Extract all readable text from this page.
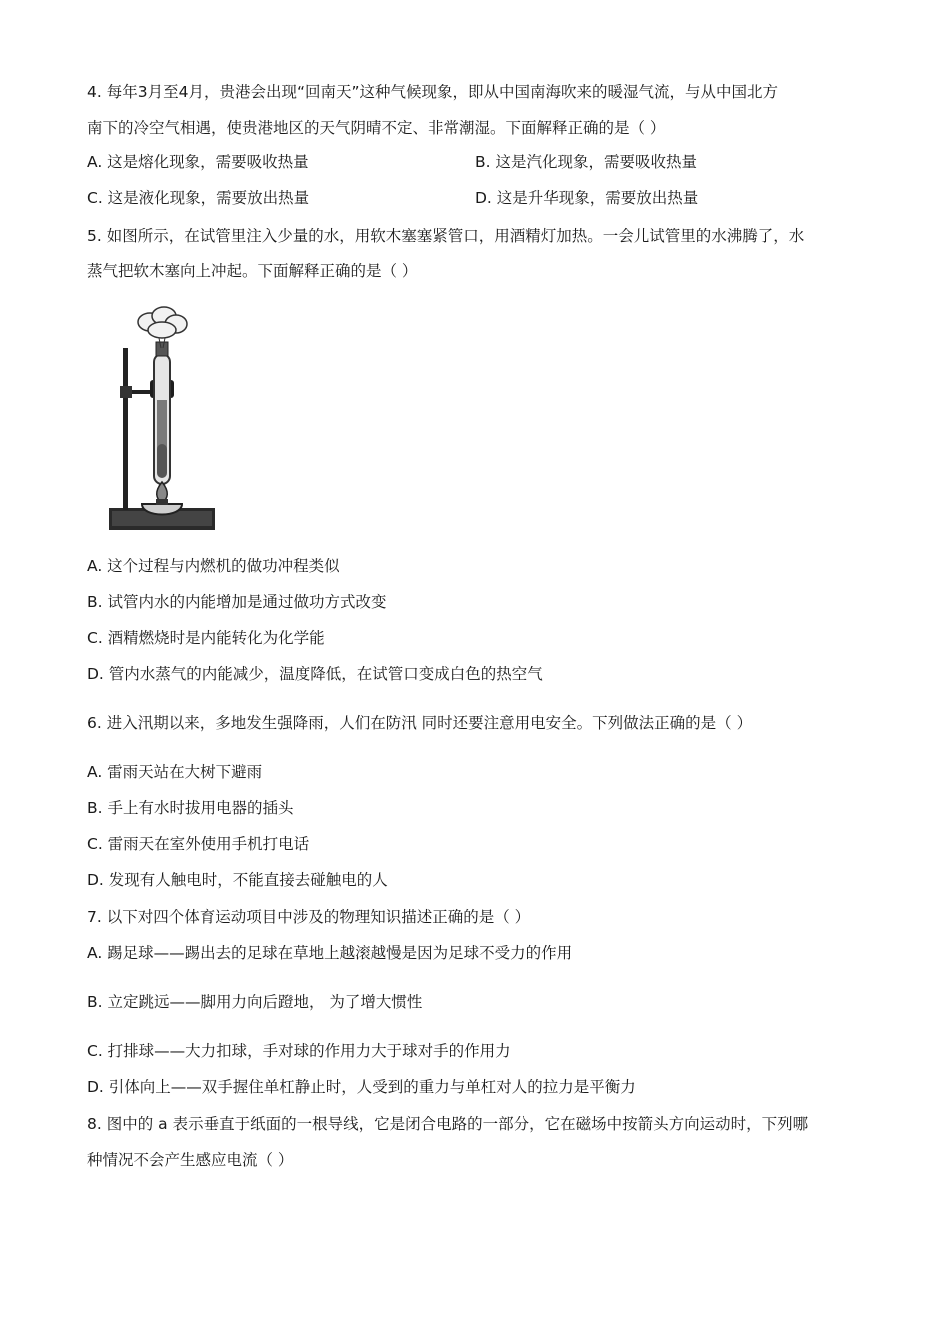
4. 每年3月至4月，贵港会出现“回南天”这种气候现象，即从中国南海吹来的暖湿气流，与从中国北方
南下的冷空气相遇，使贵港地区的天气阴晴不定、非常潮湿。下面解释正确的是（ ）
A. 这是熔化现象，需要吸收热量	B. 这是汽化现象，需要吸收热量
C. 这是液化现象，需要放出热量	D. 这是升华现象，需要放出热量
5. 如图所示，在试管里注入少量的水，用软木塞塞紧管口，用酒精灯加热。一会儿试管里的水沸腾了，水
蒸气把软木塞向上冲起。下面解释正确的是（ ）
A. 这个过程与内燃机的做功冲程类似
B. 试管内水的内能增加是通过做功方式改变
C. 酒精燃烧时是内能转化为化学能
D. 管内水蒸气的内能减少，温度降低，在试管口变成白色的热空气
6. 进入汛期以来，多地发生强降雨，人们在防汛 同时还要注意用电安全。下列做法正确的是（ ）
A. 雷雨天站在大树下避雨
B. 手上有水时拔用电器的插头
C. 雷雨天在室外使用手机打电话
D. 发现有人触电时，不能直接去碰触电的人
7. 以下对四个体育运动项目中涉及的物理知识描述正确的是（ ）
A. 踢足球——踢出去的足球在草地上越滚越慢是因为足球不受力的作用
B. 立定跳远——脚用力向后蹬地， 为了增大惯性
C. 打排球——大力扣球，手对球的作用力大于球对手的作用力
D. 引体向上——双手握住单杠静止时，人受到的重力与单杠对人的拉力是平衡力
8. 图中的 a 表示垂直于纸面的一根导线，它是闭合电路的一部分，它在磁场中按箭头方向运动时，下列哪
种情况不会产生感应电流（ ）
